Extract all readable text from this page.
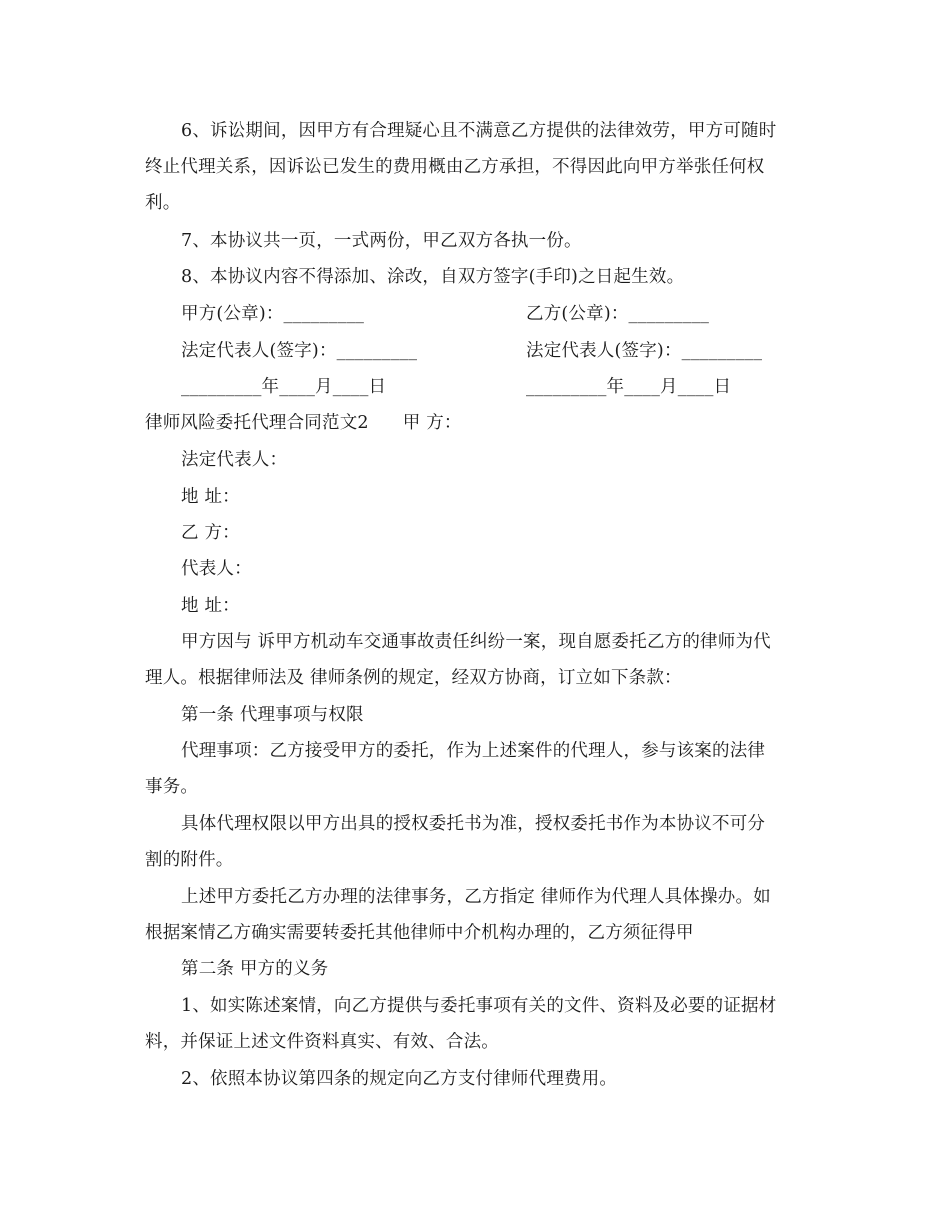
6、诉讼期间，因甲方有合理疑心且不满意乙方提供的法律效劳，甲方可随时
终止代理关系，因诉讼已发生的费用概由乙方承担，不得因此向甲方举张任何权
利。
7、本协议共一页，一式两份，甲乙双方各执一份。
8、本协议内容不得添加、涂改，自双方签字(手印)之日起生效。
甲方(公章)：_________	乙方(公章)：_________
法定代表人(签字)：_________	法定代表人(签字)：_________
_________年____月____日	_________年____月____日
律师风险委托代理合同范文2 甲 方：
法定代表人：
地 址：
乙 方：
代表人：
地 址：
甲方因与 诉甲方机动车交通事故责任纠纷一案，现自愿委托乙方的律师为代
理人。根据律师法及 律师条例的规定，经双方协商，订立如下条款：
第一条 代理事项与权限
代理事项：乙方接受甲方的委托，作为上述案件的代理人，参与该案的法律
事务。
具体代理权限以甲方出具的授权委托书为准，授权委托书作为本协议不可分
割的附件。
上述甲方委托乙方办理的法律事务，乙方指定 律师作为代理人具体操办。如
根据案情乙方确实需要转委托其他律师中介机构办理的，乙方须征得甲
第二条 甲方的义务
1、如实陈述案情，向乙方提供与委托事项有关的文件、资料及必要的证据材
料，并保证上述文件资料真实、有效、合法。
2、依照本协议第四条的规定向乙方支付律师代理费用。
